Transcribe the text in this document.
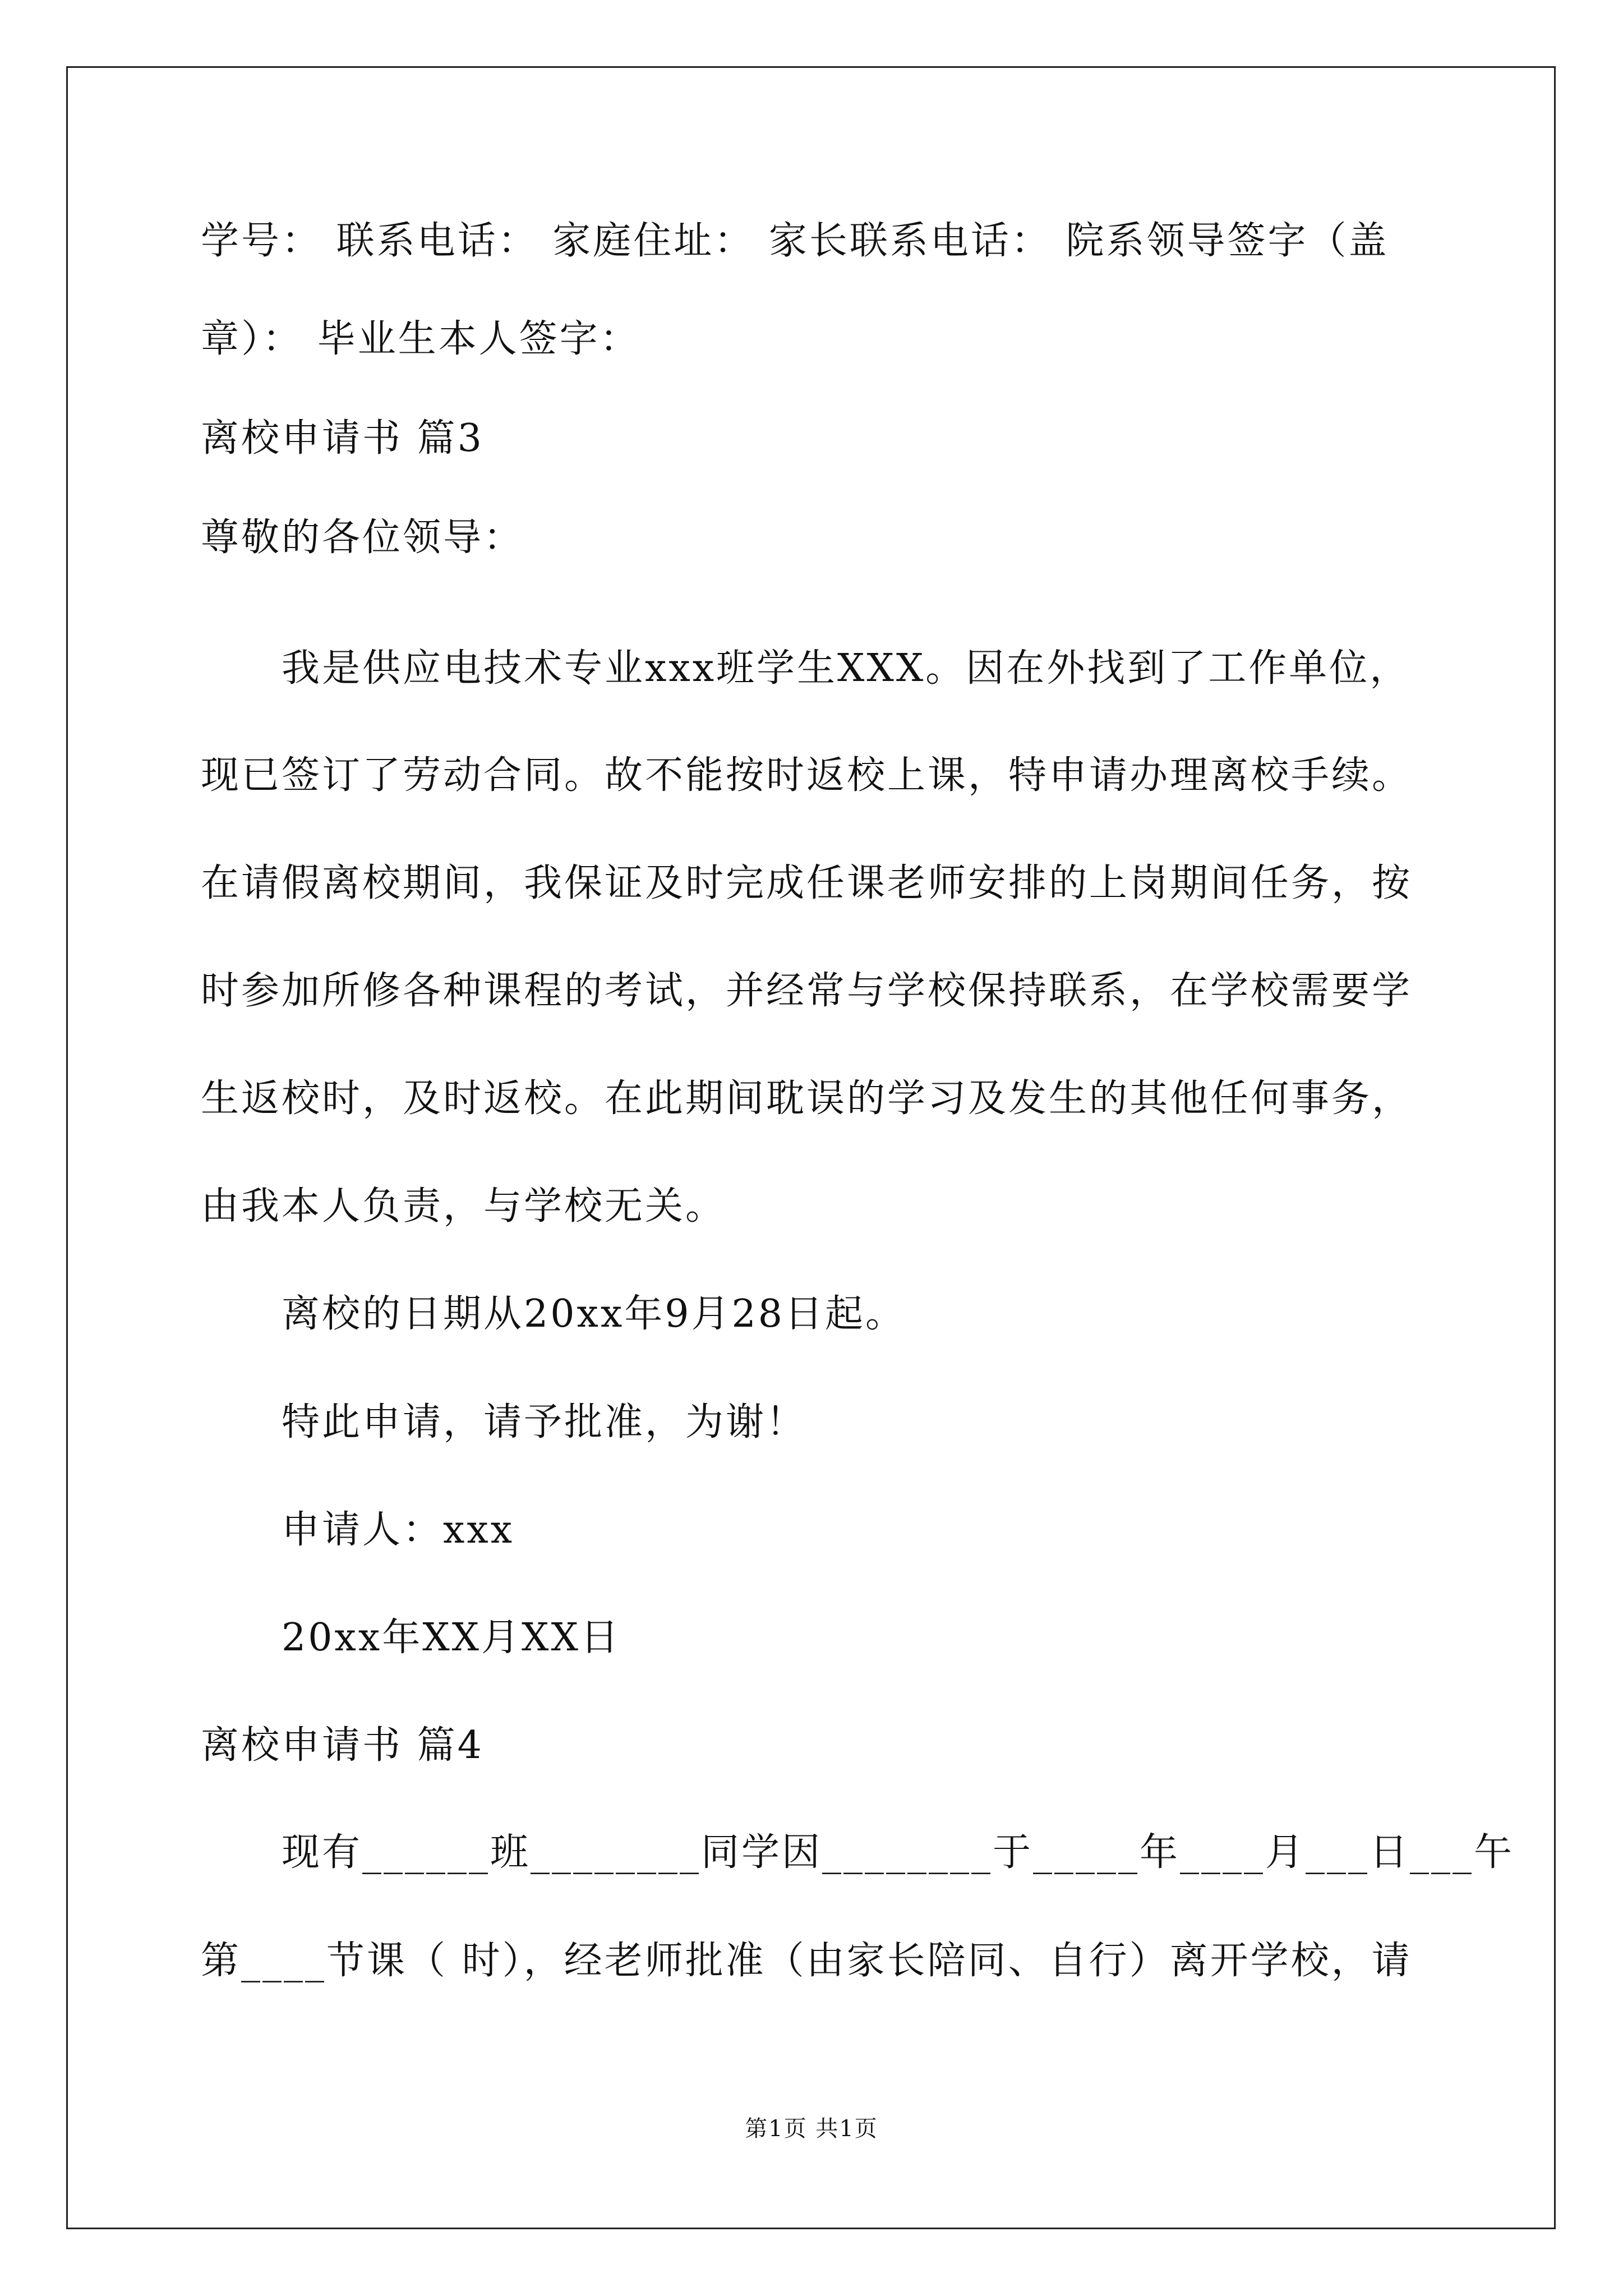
学号： 联系电话： 家庭住址： 家长联系电话： 院系领导签字（盖
章）： 毕业生本人签字：
离校申请书 篇3
尊敬的各位领导：
我是供应电技术专业xxx班学生XXX。因在外找到了工作单位，
现已签订了劳动合同。故不能按时返校上课，特申请办理离校手续。
在请假离校期间，我保证及时完成任课老师安排的上岗期间任务，按
时参加所修各种课程的考试，并经常与学校保持联系，在学校需要学
生返校时，及时返校。在此期间耽误的学习及发生的其他任何事务，
由我本人负责，与学校无关。
离校的日期从20xx年9月28日起。
特此申请，请予批准，为谢！
申请人：xxx
20xx年XX月XX日
离校申请书 篇4
现有______班________同学因________于_____年____月___日___午
第____节课（ 时），经老师批准（由家长陪同、自行）离开学校，请
第1页 共1页
